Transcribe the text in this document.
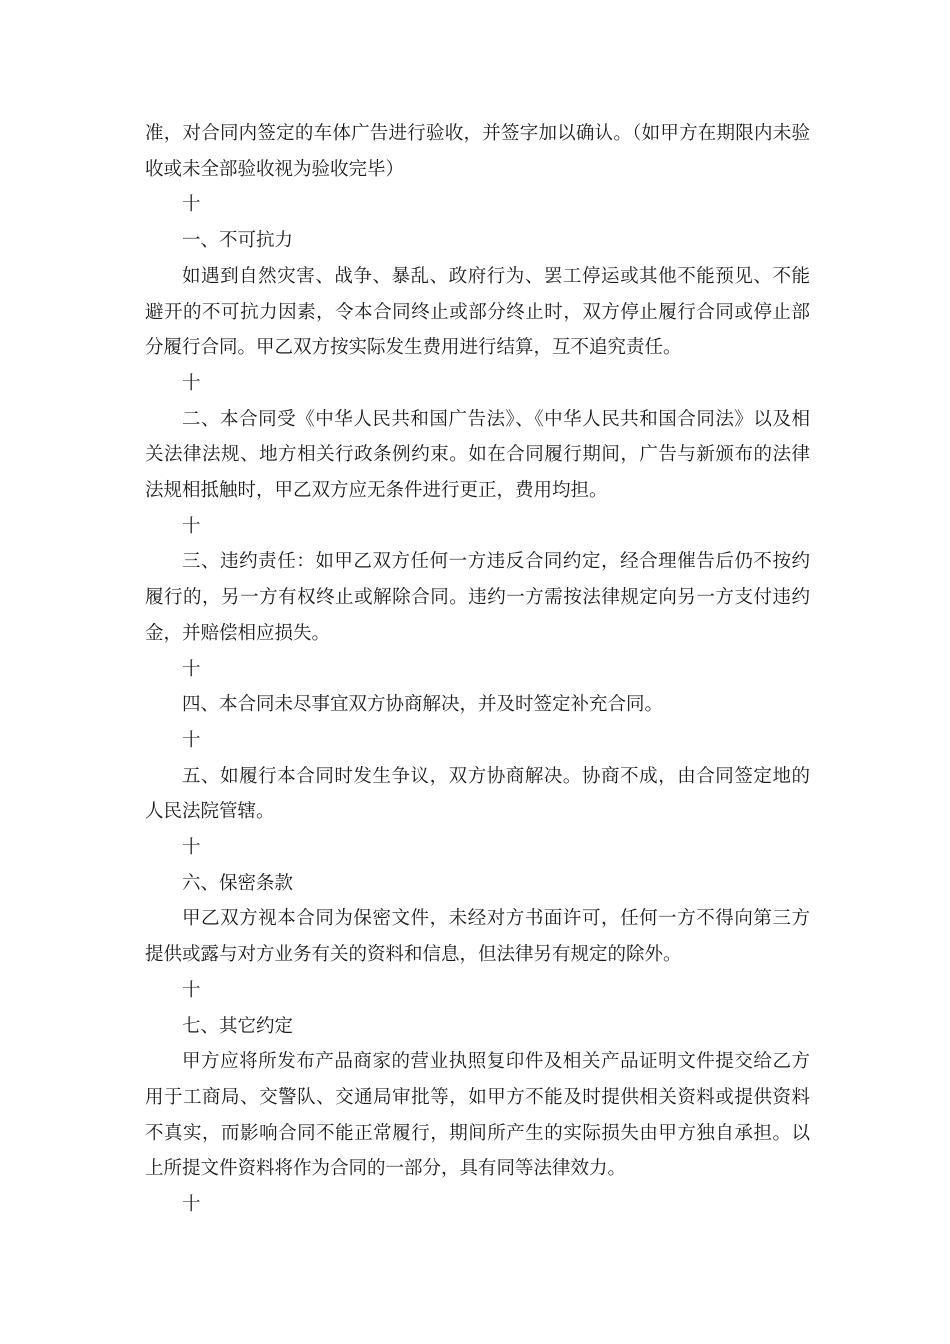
准，对合同内签定的车体广告进行验收，并签字加以确认。（如甲方在期限内未验收或未全部验收视为验收完毕）

十

一、不可抗力

如遇到自然灾害、战争、暴乱、政府行为、罢工停运或其他不能预见、不能避开的不可抗力因素，令本合同终止或部分终止时，双方停止履行合同或停止部分履行合同。甲乙双方按实际发生费用进行结算，互不追究责任。

十

二、本合同受《中华人民共和国广告法》、《中华人民共和国合同法》以及相关法律法规、地方相关行政条例约束。如在合同履行期间，广告与新颁布的法律法规相抵触时，甲乙双方应无条件进行更正，费用均担。

十

三、违约责任：如甲乙双方任何一方违反合同约定，经合理催告后仍不按约履行的，另一方有权终止或解除合同。违约一方需按法律规定向另一方支付违约金，并赔偿相应损失。

十

四、本合同未尽事宜双方协商解决，并及时签定补充合同。

十

五、如履行本合同时发生争议，双方协商解决。协商不成，由合同签定地的人民法院管辖。

十

六、保密条款

甲乙双方视本合同为保密文件，未经对方书面许可，任何一方不得向第三方提供或露与对方业务有关的资料和信息，但法律另有规定的除外。

十

七、其它约定

甲方应将所发布产品商家的营业执照复印件及相关产品证明文件提交给乙方用于工商局、交警队、交通局审批等，如甲方不能及时提供相关资料或提供资料不真实，而影响合同不能正常履行，期间所产生的实际损失由甲方独自承担。以上所提文件资料将作为合同的一部分，具有同等法律效力。

十
